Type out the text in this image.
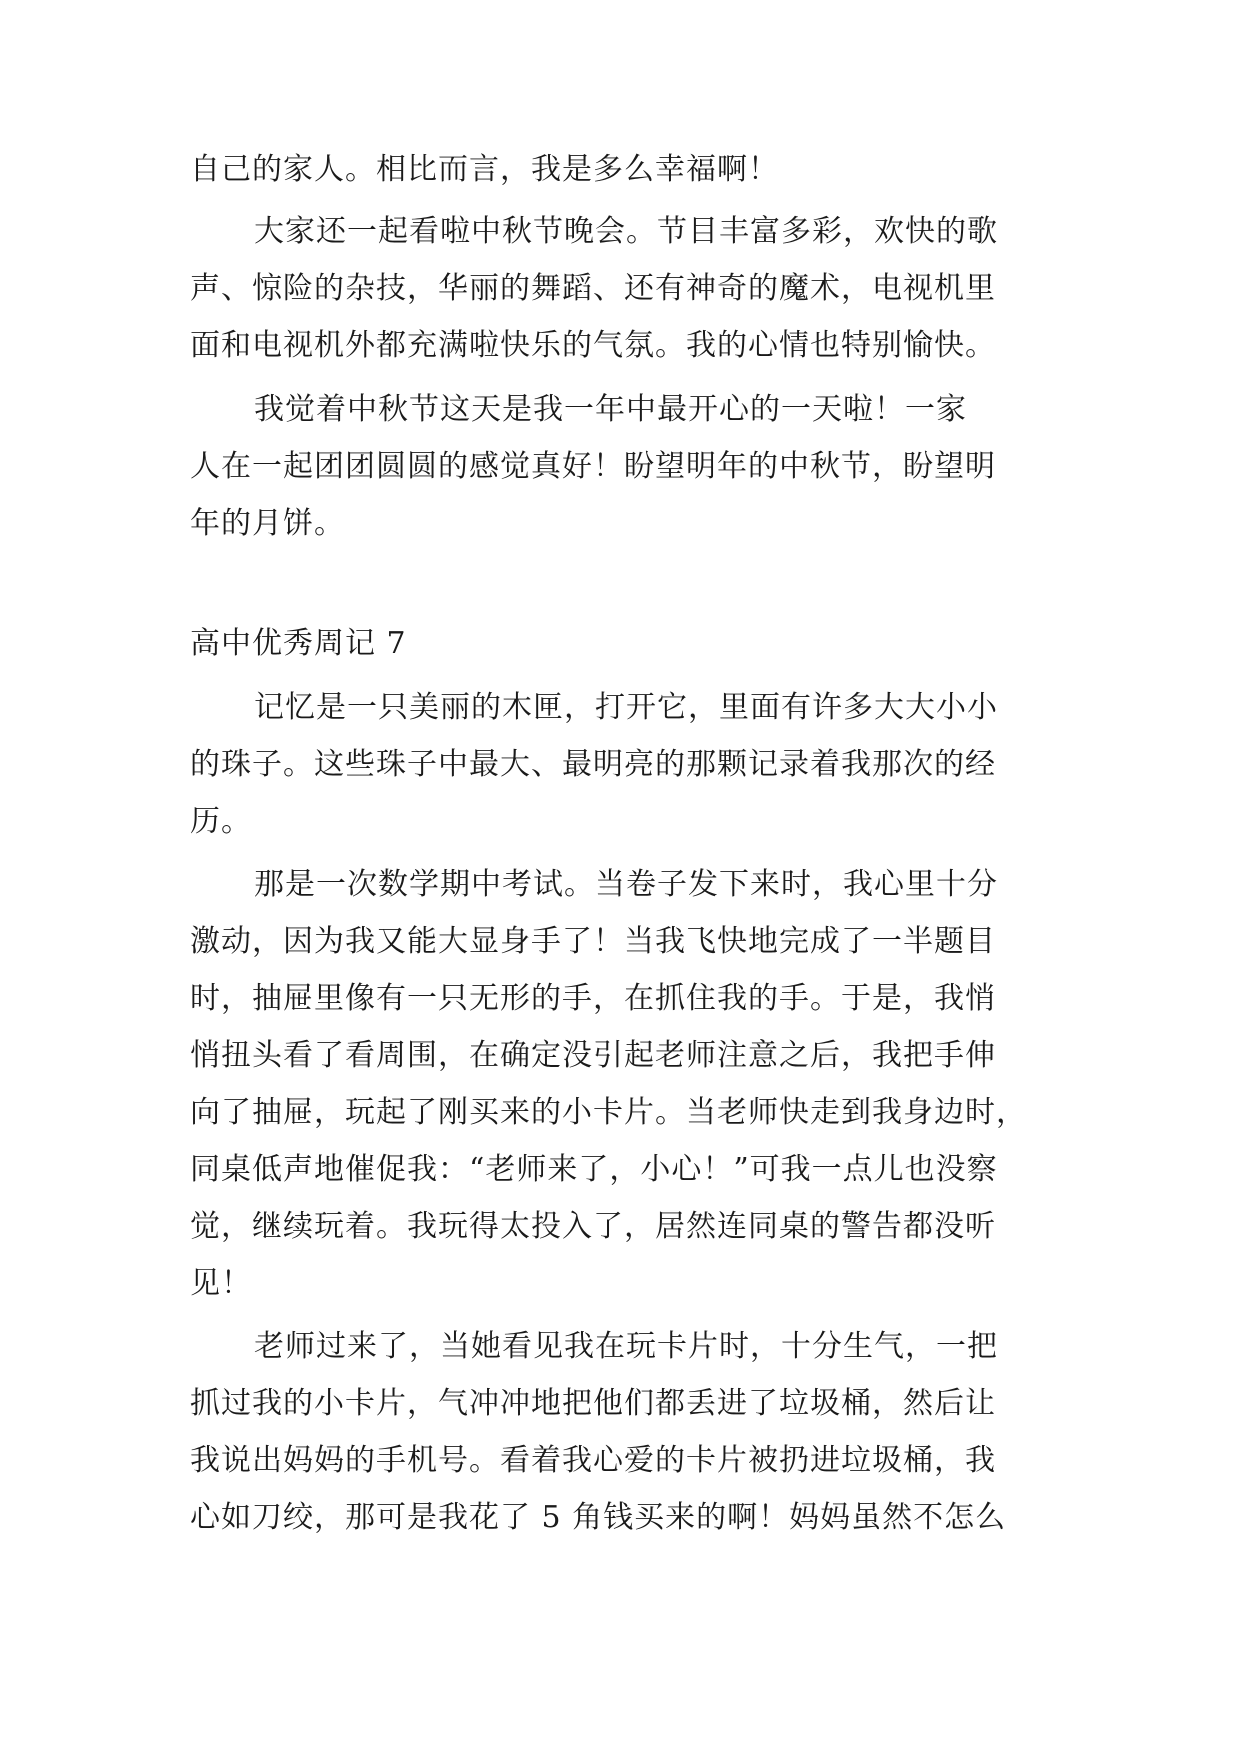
自己的家人。相比而言，我是多么幸福啊！
大家还一起看啦中秋节晚会。节目丰富多彩，欢快的歌
声、惊险的杂技，华丽的舞蹈、还有神奇的魔术，电视机里
面和电视机外都充满啦快乐的气氛。我的心情也特别愉快。
我觉着中秋节这天是我一年中最开心的一天啦！一家
人在一起团团圆圆的感觉真好！盼望明年的中秋节，盼望明
年的月饼。
高中优秀周记 7
记忆是一只美丽的木匣，打开它，里面有许多大大小小
的珠子。这些珠子中最大、最明亮的那颗记录着我那次的经
历。
那是一次数学期中考试。当卷子发下来时，我心里十分
激动，因为我又能大显身手了！当我飞快地完成了一半题目
时，抽屉里像有一只无形的手，在抓住我的手。于是，我悄
悄扭头看了看周围，在确定没引起老师注意之后，我把手伸
向了抽屉，玩起了刚买来的小卡片。当老师快走到我身边时，
同桌低声地催促我：“老师来了，小心！”可我一点儿也没察
觉，继续玩着。我玩得太投入了，居然连同桌的警告都没听
见！
老师过来了，当她看见我在玩卡片时，十分生气，一把
抓过我的小卡片，气冲冲地把他们都丢进了垃圾桶，然后让
我说出妈妈的手机号。看着我心爱的卡片被扔进垃圾桶，我
心如刀绞，那可是我花了 5 角钱买来的啊！妈妈虽然不怎么
